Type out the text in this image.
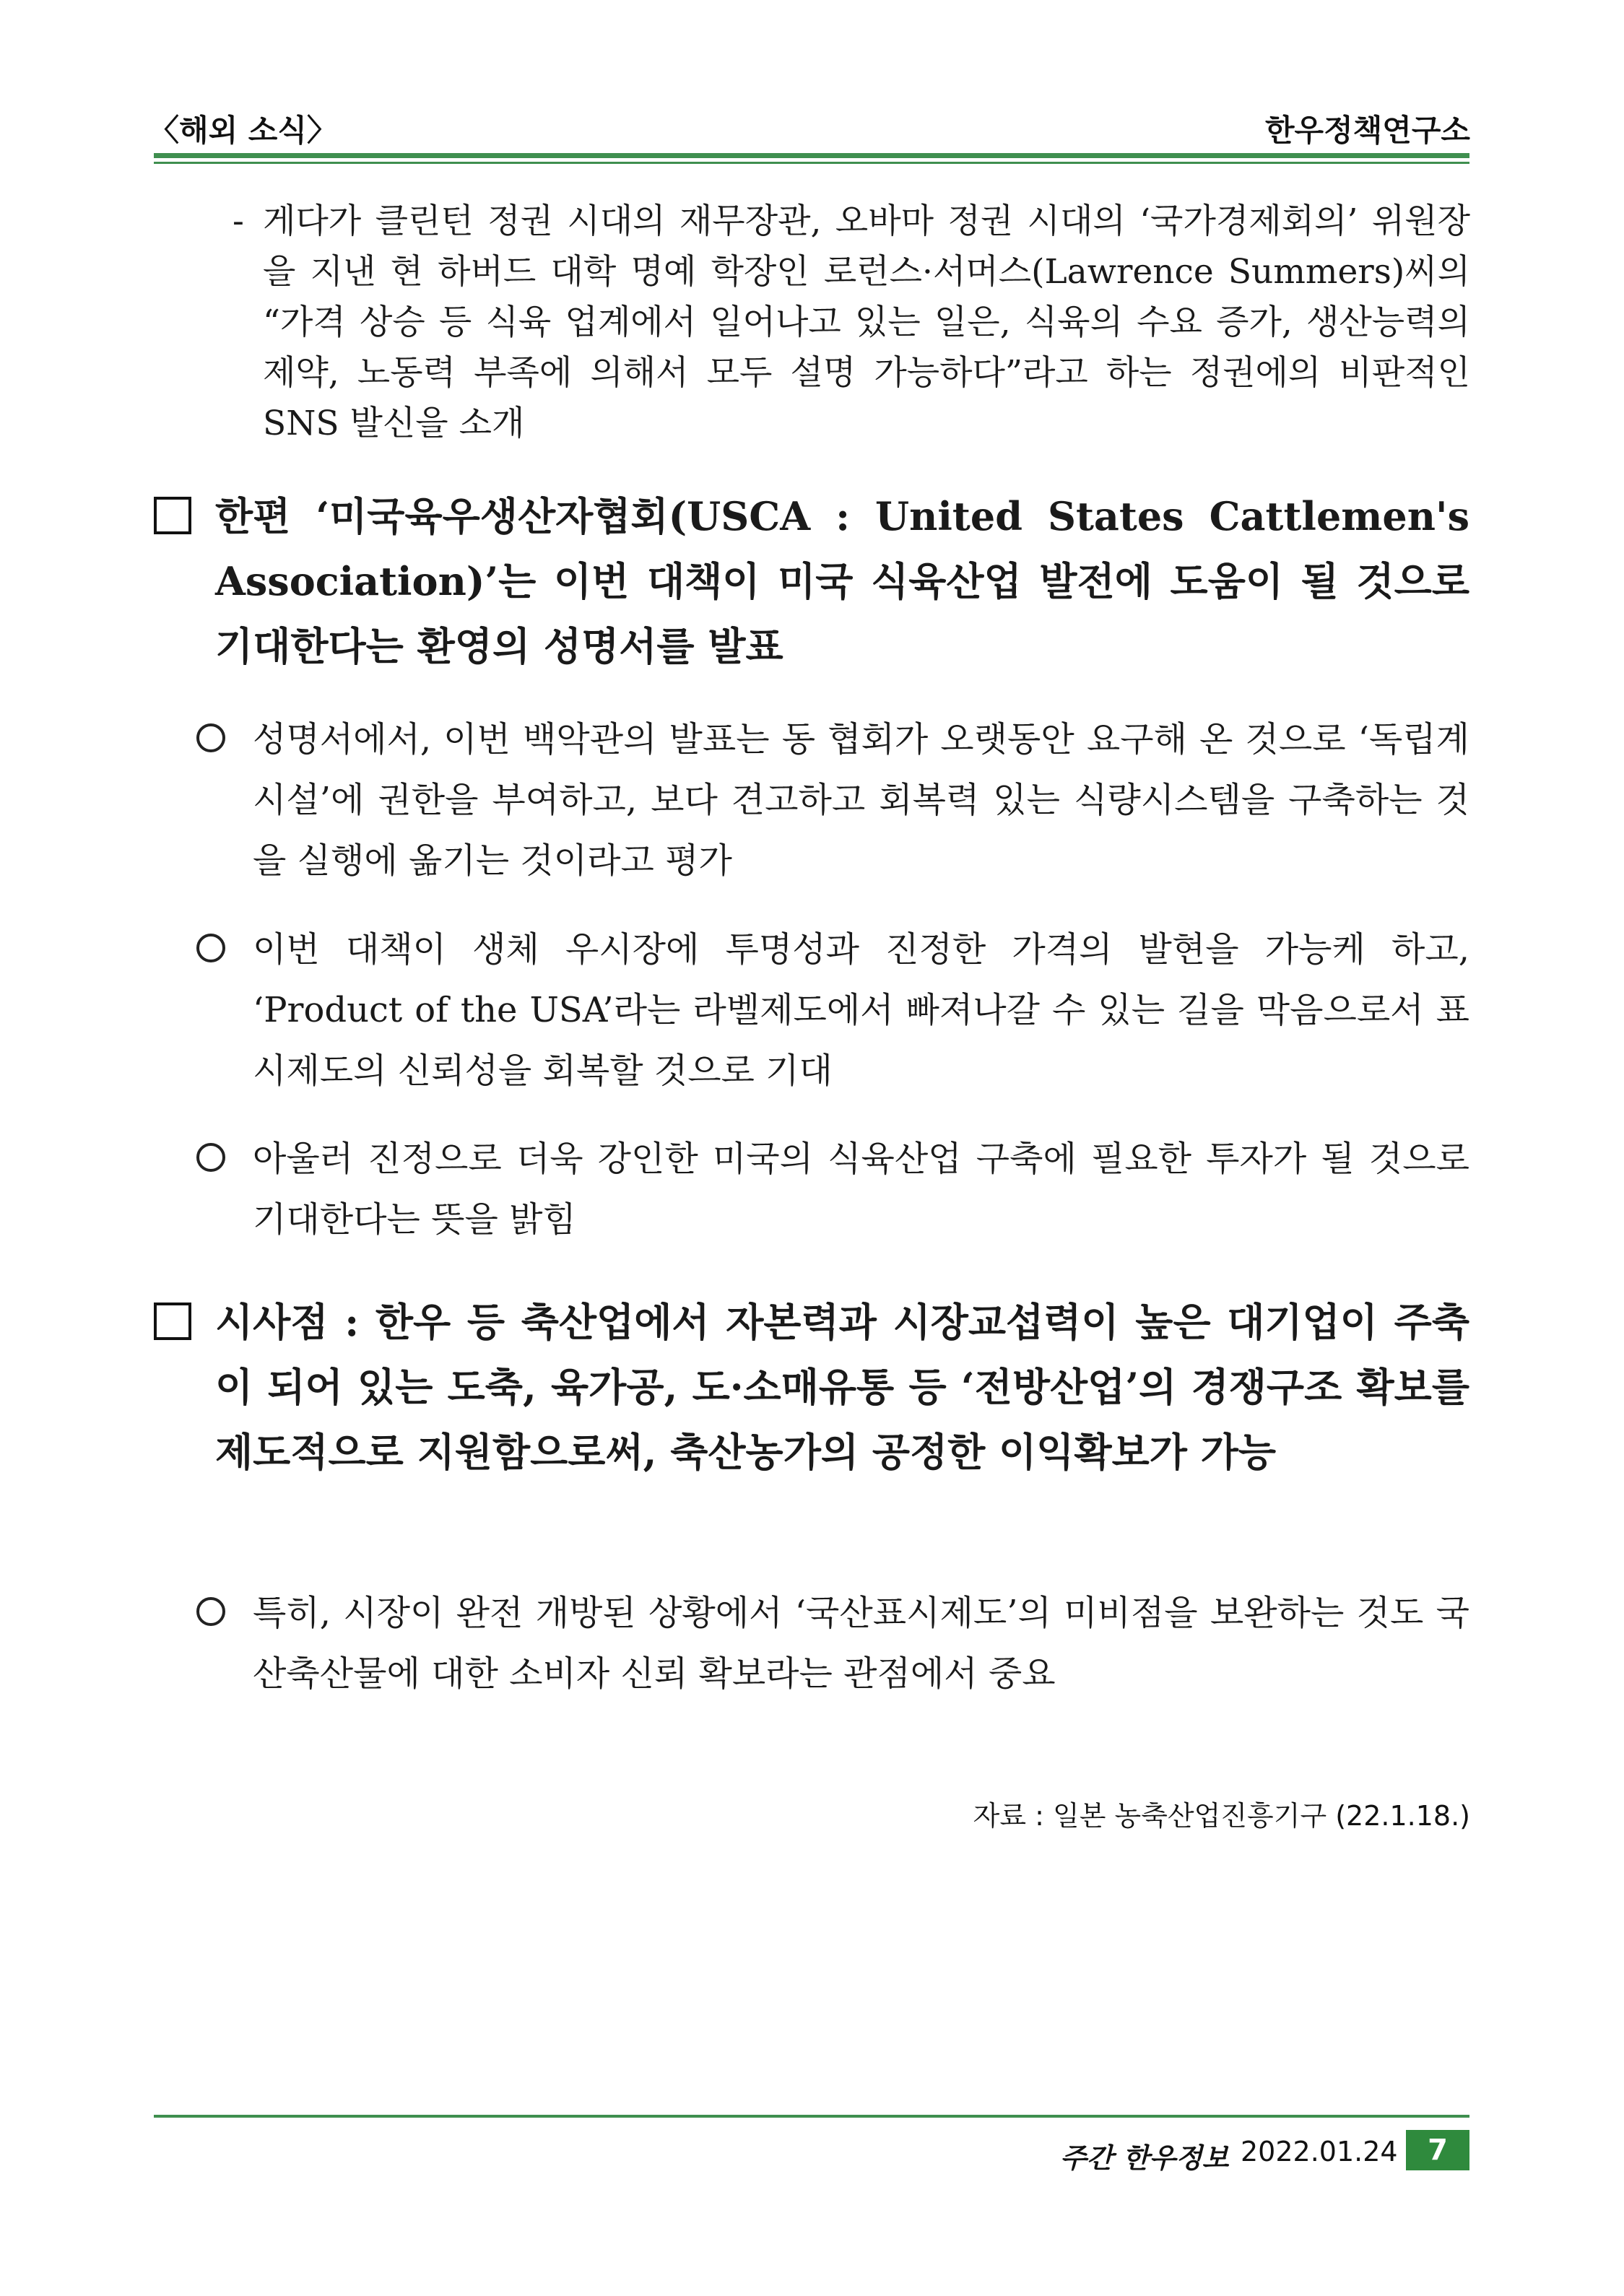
〈해외 소식〉	한우정책연구소
- 게다가 클린턴 정권 시대의 재무장관, 오바마 정권 시대의 ‘국가경제회의’ 위원장을 지낸 현 하버드 대학 명예 학장인 로런스·서머스(Lawrence Summers)씨의 “가격 상승 등 식육 업계에서 일어나고 있는 일은, 식육의 수요 증가, 생산능력의 제약, 노동력 부족에 의해서 모두 설명 가능하다”라고 하는 정권에의 비판적인 SNS 발신을 소개
한편 ‘미국육우생산자협회(USCA : United States Cattlemen's Association)’는 이번 대책이 미국 식육산업 발전에 도움이 될 것으로 기대한다는 환영의 성명서를 발표
성명서에서, 이번 백악관의 발표는 동 협회가 오랫동안 요구해 온 것으로 ‘독립계 시설’에 권한을 부여하고, 보다 견고하고 회복력 있는 식량시스템을 구축하는 것을 실행에 옮기는 것이라고 평가
이번 대책이 생체 우시장에 투명성과 진정한 가격의 발현을 가능케 하고, ‘Product of the USA’라는 라벨제도에서 빠져나갈 수 있는 길을 막음으로서 표시제도의 신뢰성을 회복할 것으로 기대
아울러 진정으로 더욱 강인한 미국의 식육산업 구축에 필요한 투자가 될 것으로 기대한다는 뜻을 밝힘
시사점 : 한우 등 축산업에서 자본력과 시장교섭력이 높은 대기업이 주축이 되어 있는 도축, 육가공, 도·소매유통 등 ‘전방산업’의 경쟁구조 확보를 제도적으로 지원함으로써, 축산농가의 공정한 이익확보가 가능
특히, 시장이 완전 개방된 상황에서 ‘국산표시제도’의 미비점을 보완하는 것도 국산축산물에 대한 소비자 신뢰 확보라는 관점에서 중요
자료 : 일본 농축산업진흥기구 (22.1.18.)
주간 한우정보 2022.01.24	7
